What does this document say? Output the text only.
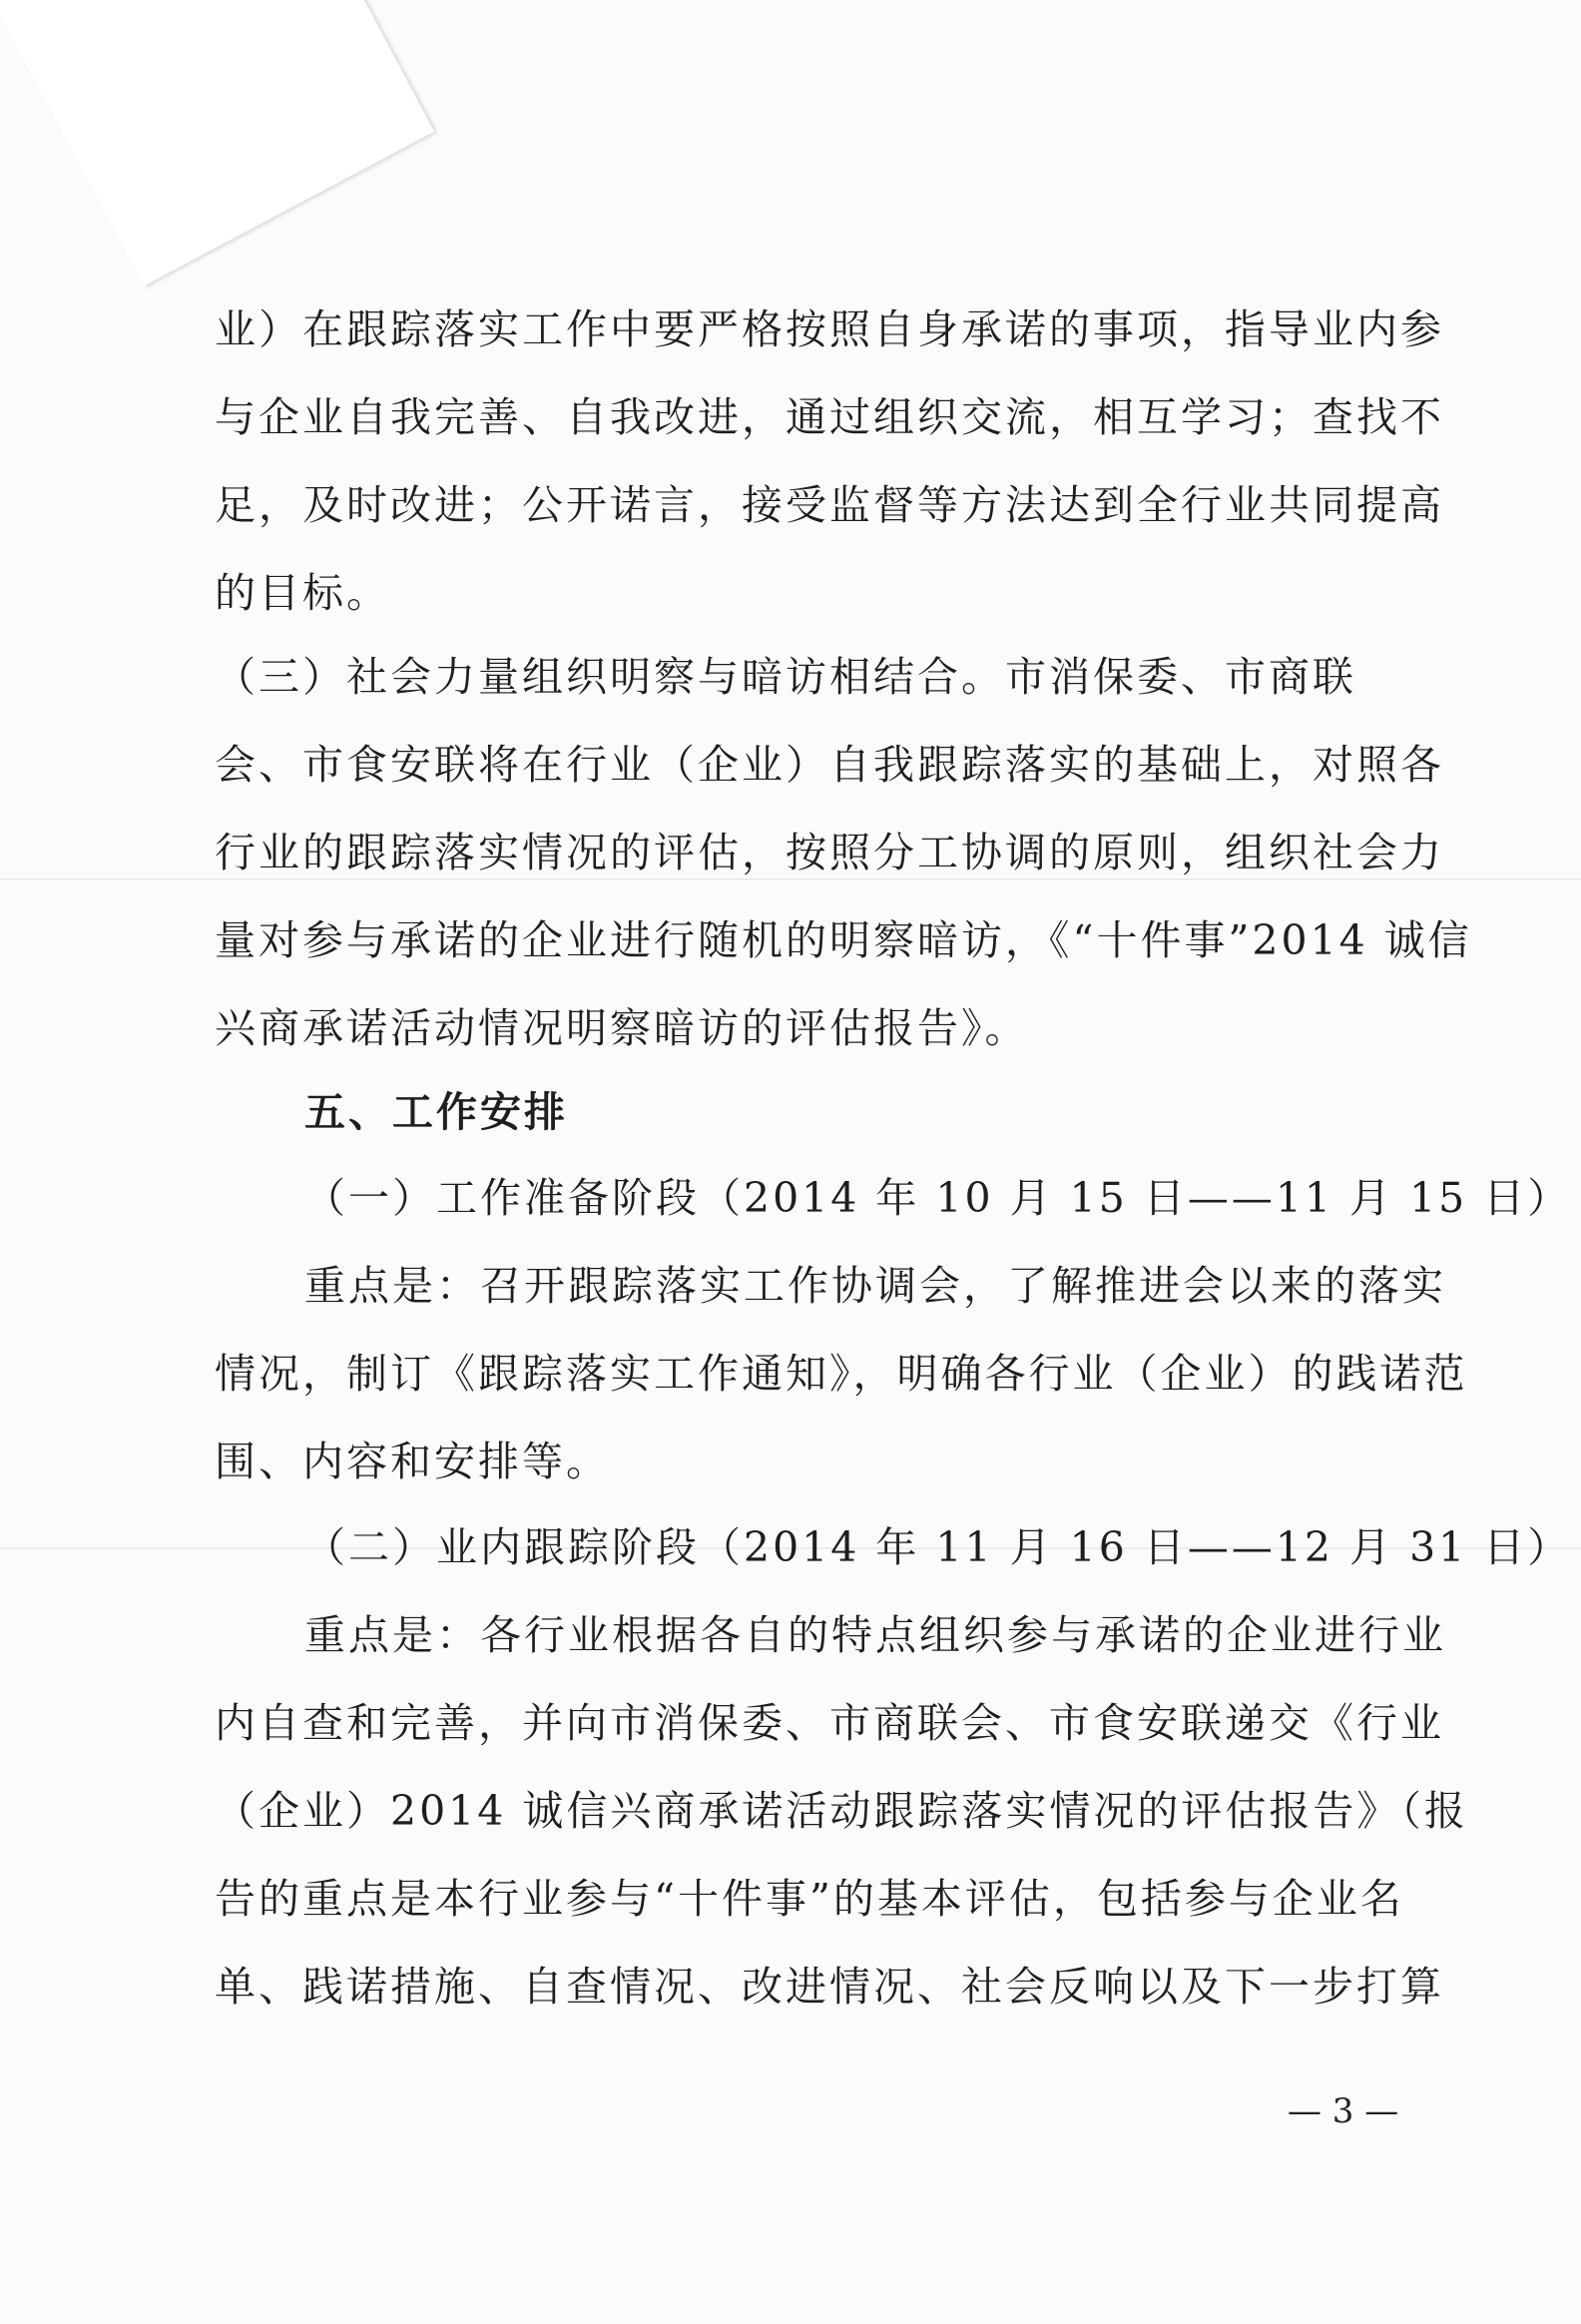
业）在跟踪落实工作中要严格按照自身承诺的事项，指导业内参
与企业自我完善、自我改进，通过组织交流，相互学习；查找不
足，及时改进；公开诺言，接受监督等方法达到全行业共同提高
的目标。
（三）社会力量组织明察与暗访相结合。市消保委、市商联
会、市食安联将在行业（企业）自我跟踪落实的基础上，对照各
行业的跟踪落实情况的评估，按照分工协调的原则，组织社会力
量对参与承诺的企业进行随机的明察暗访，《“十件事”2014 诚信
兴商承诺活动情况明察暗访的评估报告》。
五、工作安排
（一）工作准备阶段（2014 年 10 月 15 日——11 月 15 日）
重点是：召开跟踪落实工作协调会，了解推进会以来的落实
情况，制订《跟踪落实工作通知》，明确各行业（企业）的践诺范
围、内容和安排等。
（二）业内跟踪阶段（2014 年 11 月 16 日——12 月 31 日）
重点是：各行业根据各自的特点组织参与承诺的企业进行业
内自查和完善，并向市消保委、市商联会、市食安联递交《行业
（企业）2014 诚信兴商承诺活动跟踪落实情况的评估报告》（报
告的重点是本行业参与“十件事”的基本评估，包括参与企业名
单、践诺措施、自查情况、改进情况、社会反响以及下一步打算
— 3 —
